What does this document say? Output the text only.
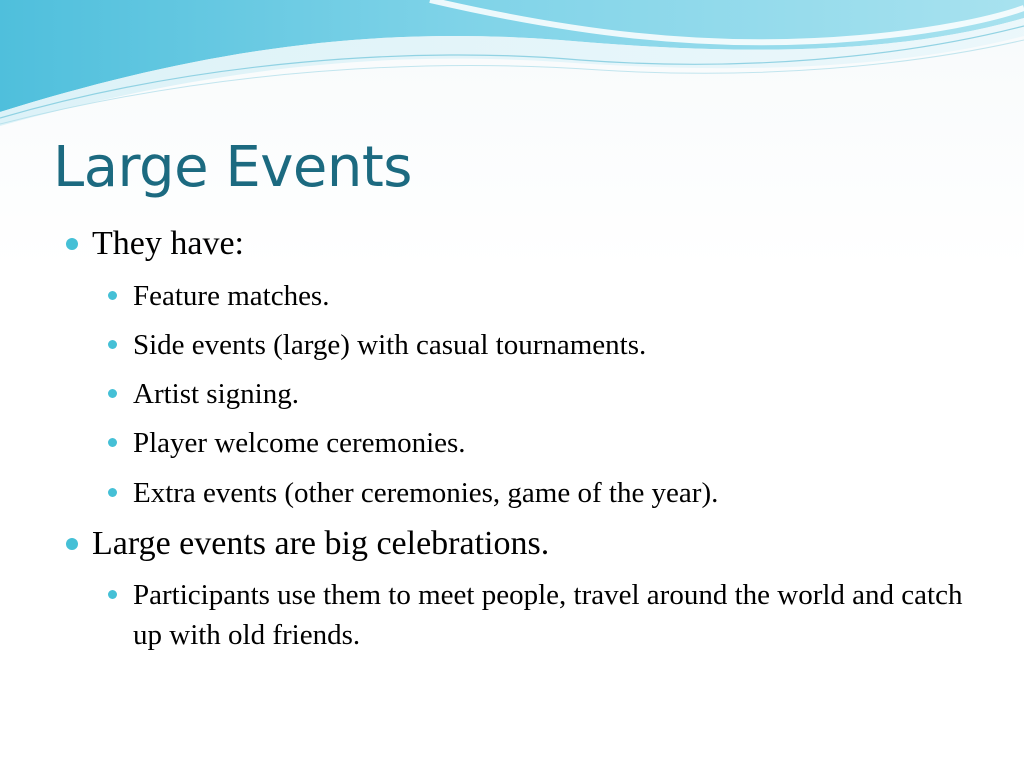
Large Events
They have:
Feature matches.
Side events (large) with casual tournaments.
Artist signing.
Player welcome ceremonies.
Extra events (other ceremonies, game of the year).
Large events are big celebrations.
Participants use them to meet people, travel around the world and catch up with old friends.
